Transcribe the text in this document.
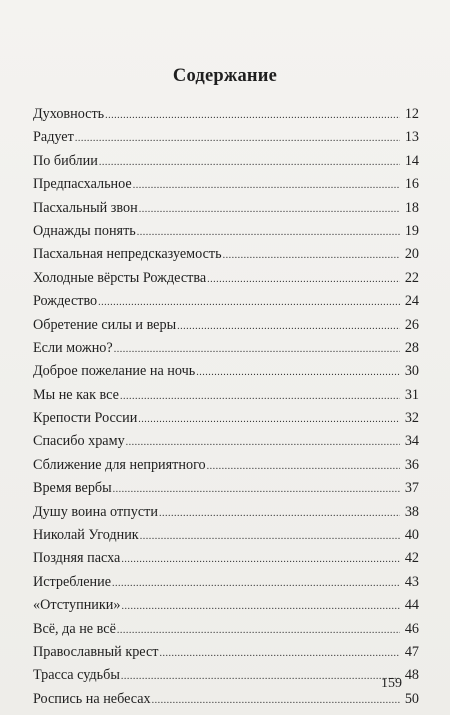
Содержание
Духовность .....	12
Радует .....	13
По библии .....	14
Предпасхальное .....	16
Пасхальный звон .....	18
Однажды понять .....	19
Пасхальная непредсказуемость .....	20
Холодные вёрсты Рождества .....	22
Рождество .....	24
Обретение силы и веры .....	26
Если можно? .....	28
Доброе пожелание на ночь .....	30
Мы не как все .....	31
Крепости России .....	32
Спасибо храму .....	34
Сближение для неприятного .....	36
Время вербы .....	37
Душу воина отпусти .....	38
Николай Угодник .....	40
Поздняя пасха .....	42
Истребление .....	43
«Отступники» .....	44
Всё, да не всё .....	46
Православный крест .....	47
Трасса судьбы .....	48
Роспись на небесах .....	50
159
